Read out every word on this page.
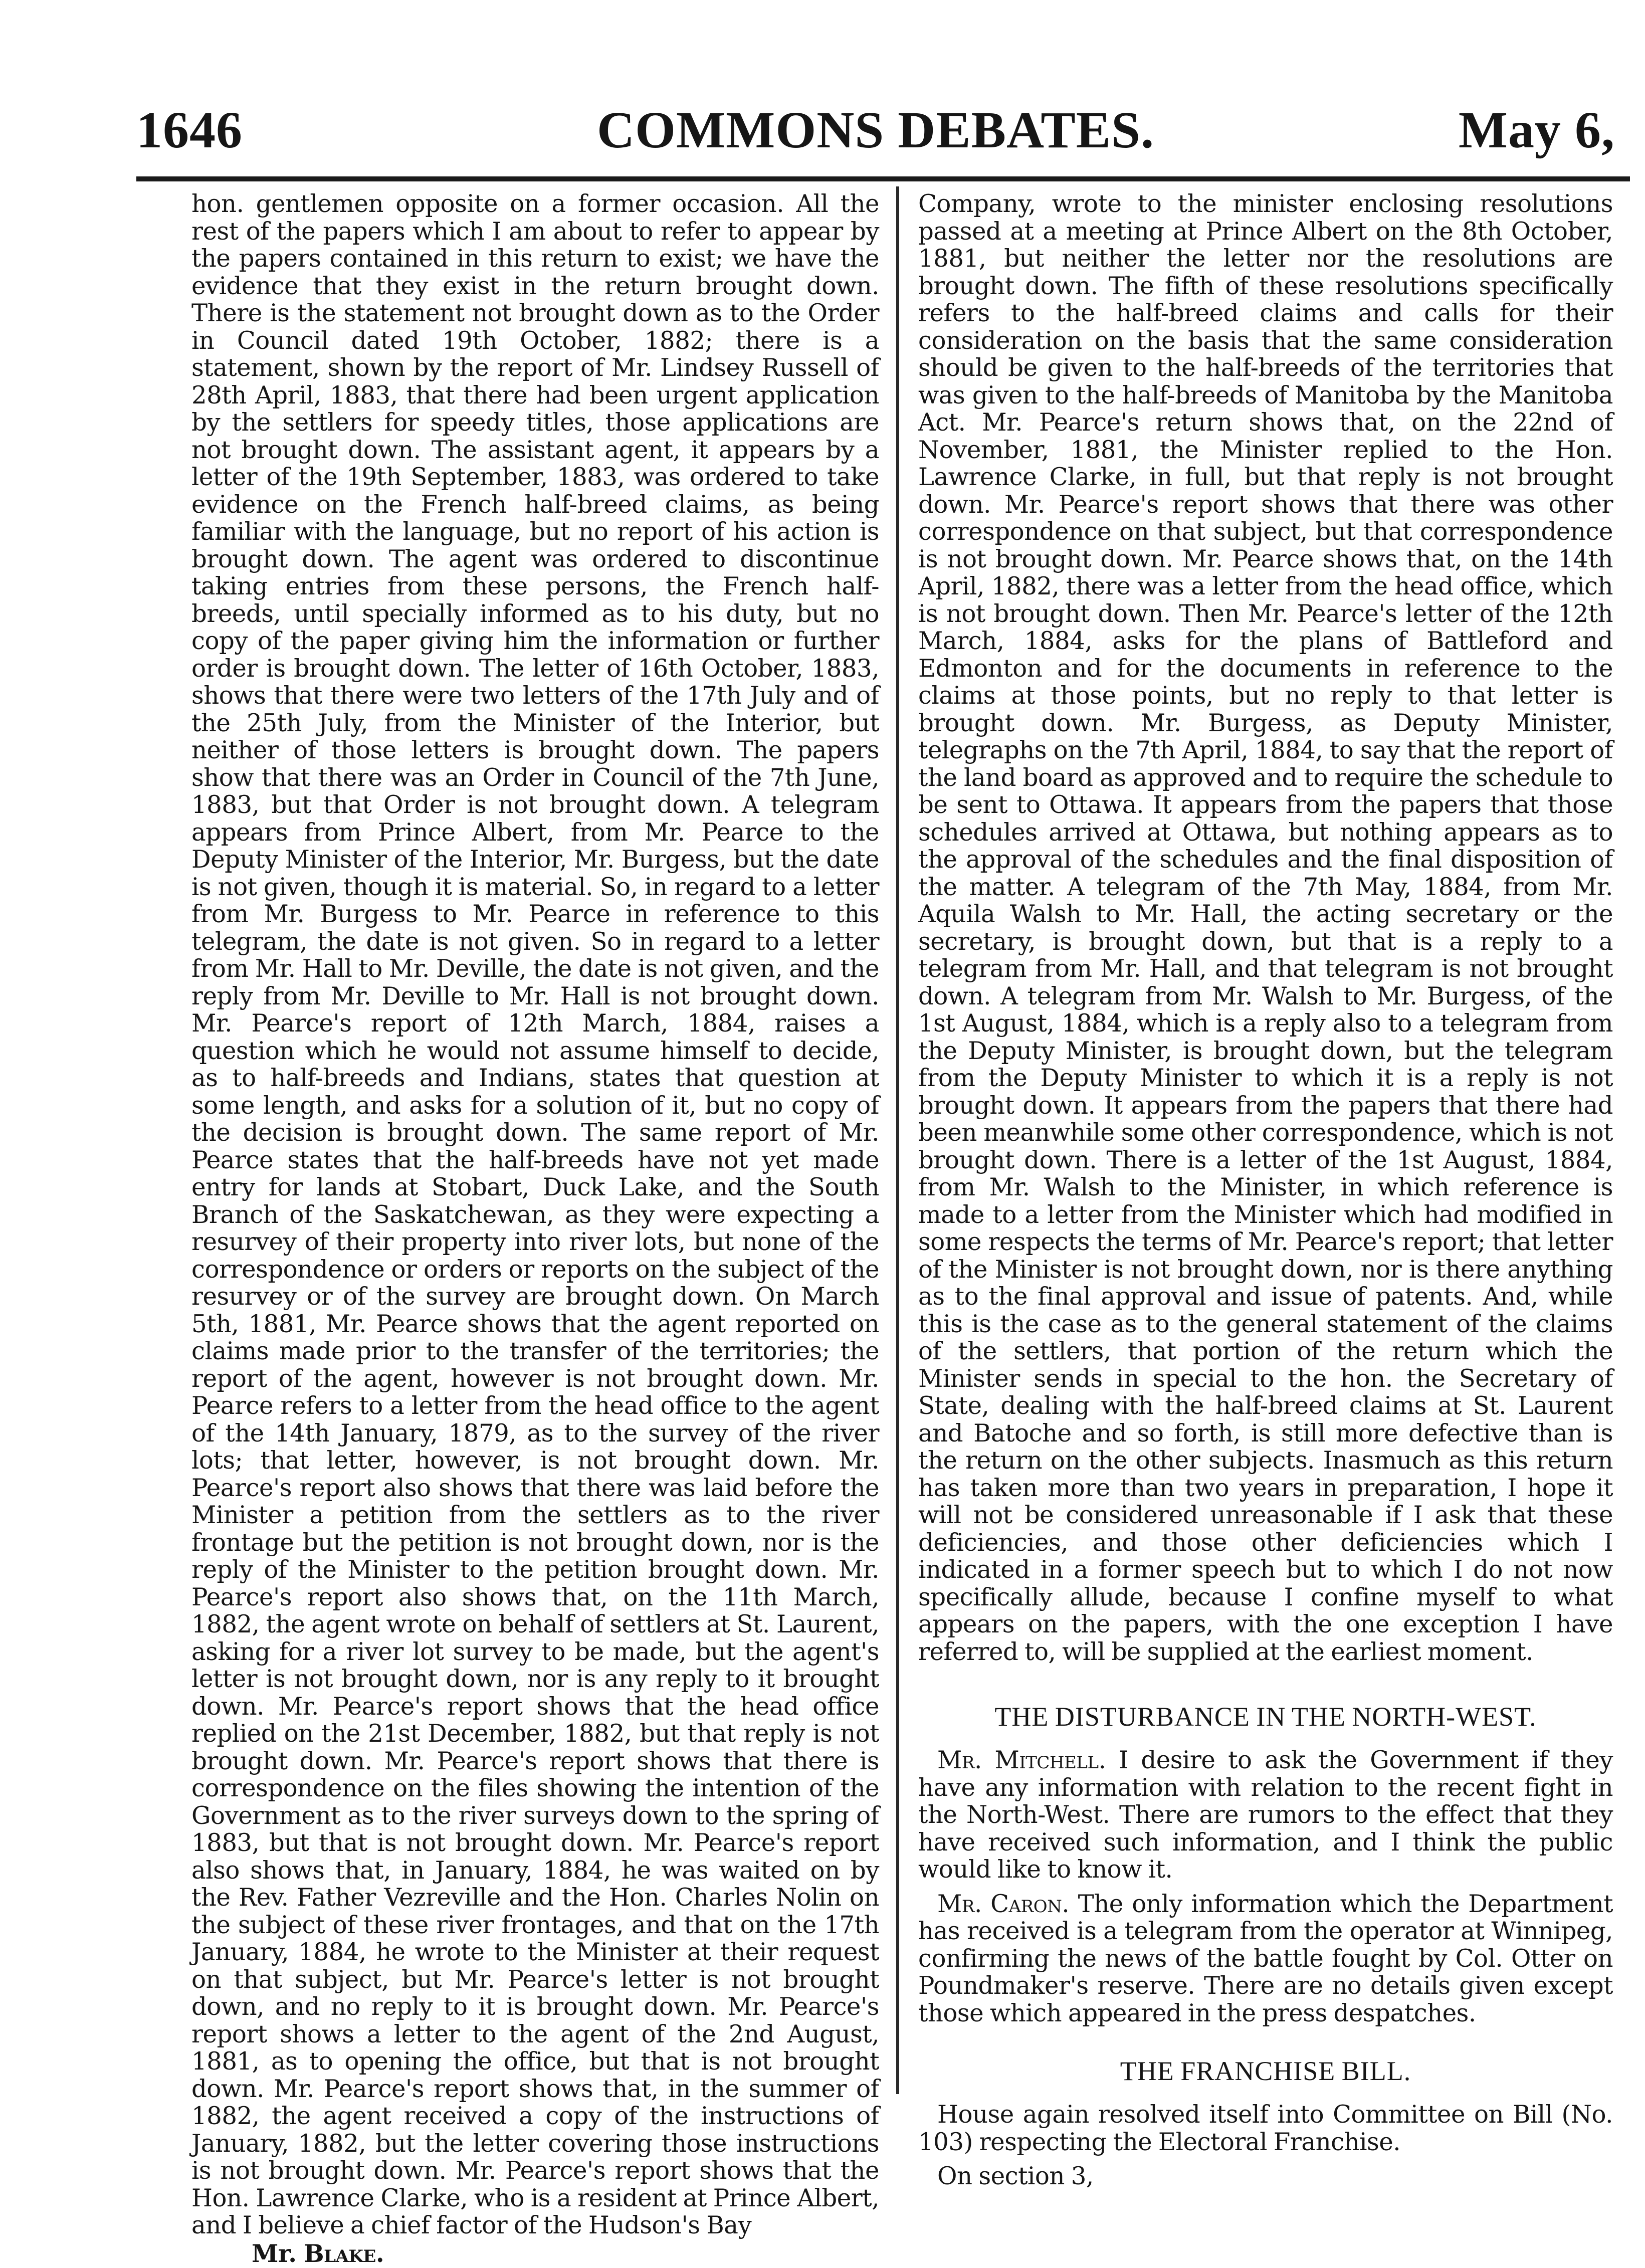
1646	COMMONS DEBATES.	May 6,

hon. gentlemen opposite on a former occasion. All the rest of the papers which I am about to refer to appear by the papers contained in this return to exist; we have the evidence that they exist in the return brought down. There is the statement not brought down as to the Order in Council dated 19th October, 1882; there is a statement, shown by the report of Mr. Lindsey Russell of 28th April, 1883, that there had been urgent application by the settlers for speedy titles, those applications are not brought down. The assistant agent, it appears by a letter of the 19th September, 1883, was ordered to take evidence on the French half-breed claims, as being familiar with the language, but no report of his action is brought down. The agent was ordered to discontinue taking entries from these persons, the French half-breeds, until specially informed as to his duty, but no copy of the paper giving him the information or further order is brought down. The letter of 16th October, 1883, shows that there were two letters of the 17th July and of the 25th July, from the Minister of the Interior, but neither of those letters is brought down. The papers show that there was an Order in Council of the 7th June, 1883, but that Order is not brought down. A telegram appears from Prince Albert, from Mr. Pearce to the Deputy Minister of the Interior, Mr. Burgess, but the date is not given, though it is material. So, in regard to a letter from Mr. Burgess to Mr. Pearce in reference to this telegram, the date is not given. So in regard to a letter from Mr. Hall to Mr. Deville, the date is not given, and the reply from Mr. Deville to Mr. Hall is not brought down. Mr. Pearce's report of 12th March, 1884, raises a question which he would not assume himself to decide, as to half-breeds and Indians, states that question at some length, and asks for a solution of it, but no copy of the decision is brought down. The same report of Mr. Pearce states that the half-breeds have not yet made entry for lands at Stobart, Duck Lake, and the South Branch of the Saskatchewan, as they were expecting a resurvey of their property into river lots, but none of the correspondence or orders or reports on the subject of the resurvey or of the survey are brought down. On March 5th, 1881, Mr. Pearce shows that the agent reported on claims made prior to the transfer of the territories; the report of the agent, however is not brought down. Mr. Pearce refers to a letter from the head office to the agent of the 14th January, 1879, as to the survey of the river lots; that letter, however, is not brought down. Mr. Pearce's report also shows that there was laid before the Minister a petition from the settlers as to the river frontage but the petition is not brought down, nor is the reply of the Minister to the petition brought down. Mr. Pearce's report also shows that, on the 11th March, 1882, the agent wrote on behalf of settlers at St. Laurent, asking for a river lot survey to be made, but the agent's letter is not brought down, nor is any reply to it brought down. Mr. Pearce's report shows that the head office replied on the 21st December, 1882, but that reply is not brought down. Mr. Pearce's report shows that there is correspondence on the files showing the intention of the Government as to the river surveys down to the spring of 1883, but that is not brought down. Mr. Pearce's report also shows that, in January, 1884, he was waited on by the Rev. Father Vezreville and the Hon. Charles Nolin on the subject of these river frontages, and that on the 17th January, 1884, he wrote to the Minister at their request on that subject, but Mr. Pearce's letter is not brought down, and no reply to it is brought down. Mr. Pearce's report shows a letter to the agent of the 2nd August, 1881, as to opening the office, but that is not brought down. Mr. Pearce's report shows that, in the summer of 1882, the agent received a copy of the instructions of January, 1882, but the letter covering those instructions is not brought down. Mr. Pearce's report shows that the Hon. Lawrence Clarke, who is a resident at Prince Albert, and I believe a chief factor of the Hudson's Bay

Mr. Blake.

Company, wrote to the minister enclosing resolutions passed at a meeting at Prince Albert on the 8th October, 1881, but neither the letter nor the resolutions are brought down. The fifth of these resolutions specifically refers to the half-breed claims and calls for their consideration on the basis that the same consideration should be given to the half-breeds of the territories that was given to the half-breeds of Manitoba by the Manitoba Act. Mr. Pearce's return shows that, on the 22nd of November, 1881, the Minister replied to the Hon. Lawrence Clarke, in full, but that reply is not brought down. Mr. Pearce's report shows that there was other correspondence on that subject, but that correspondence is not brought down. Mr. Pearce shows that, on the 14th April, 1882, there was a letter from the head office, which is not brought down. Then Mr. Pearce's letter of the 12th March, 1884, asks for the plans of Battleford and Edmonton and for the documents in reference to the claims at those points, but no reply to that letter is brought down. Mr. Burgess, as Deputy Minister, telegraphs on the 7th April, 1884, to say that the report of the land board as approved and to require the schedule to be sent to Ottawa. It appears from the papers that those schedules arrived at Ottawa, but nothing appears as to the approval of the schedules and the final disposition of the matter. A telegram of the 7th May, 1884, from Mr. Aquila Walsh to Mr. Hall, the acting secretary or the secretary, is brought down, but that is a reply to a telegram from Mr. Hall, and that telegram is not brought down. A telegram from Mr. Walsh to Mr. Burgess, of the 1st August, 1884, which is a reply also to a telegram from the Deputy Minister, is brought down, but the telegram from the Deputy Minister to which it is a reply is not brought down. It appears from the papers that there had been meanwhile some other correspondence, which is not brought down. There is a letter of the 1st August, 1884, from Mr. Walsh to the Minister, in which reference is made to a letter from the Minister which had modified in some respects the terms of Mr. Pearce's report; that letter of the Minister is not brought down, nor is there anything as to the final approval and issue of patents. And, while this is the case as to the general statement of the claims of the settlers, that portion of the return which the Minister sends in special to the hon. the Secretary of State, dealing with the half-breed claims at St. Laurent and Batoche and so forth, is still more defective than is the return on the other subjects. Inasmuch as this return has taken more than two years in preparation, I hope it will not be considered unreasonable if I ask that these deficiencies, and those other deficiencies which I indicated in a former speech but to which I do not now specifically allude, because I confine myself to what appears on the papers, with the one exception I have referred to, will be supplied at the earliest moment.

THE DISTURBANCE IN THE NORTH-WEST.

Mr. Mitchell. I desire to ask the Government if they have any information with relation to the recent fight in the North-West. There are rumors to the effect that they have received such information, and I think the public would like to know it.

Mr. Caron. The only information which the Department has received is a telegram from the operator at Winnipeg, confirming the news of the battle fought by Col. Otter on Poundmaker's reserve. There are no details given except those which appeared in the press despatches.

THE FRANCHISE BILL.

House again resolved itself into Committee on Bill (No. 103) respecting the Electoral Franchise.

On section 3,
